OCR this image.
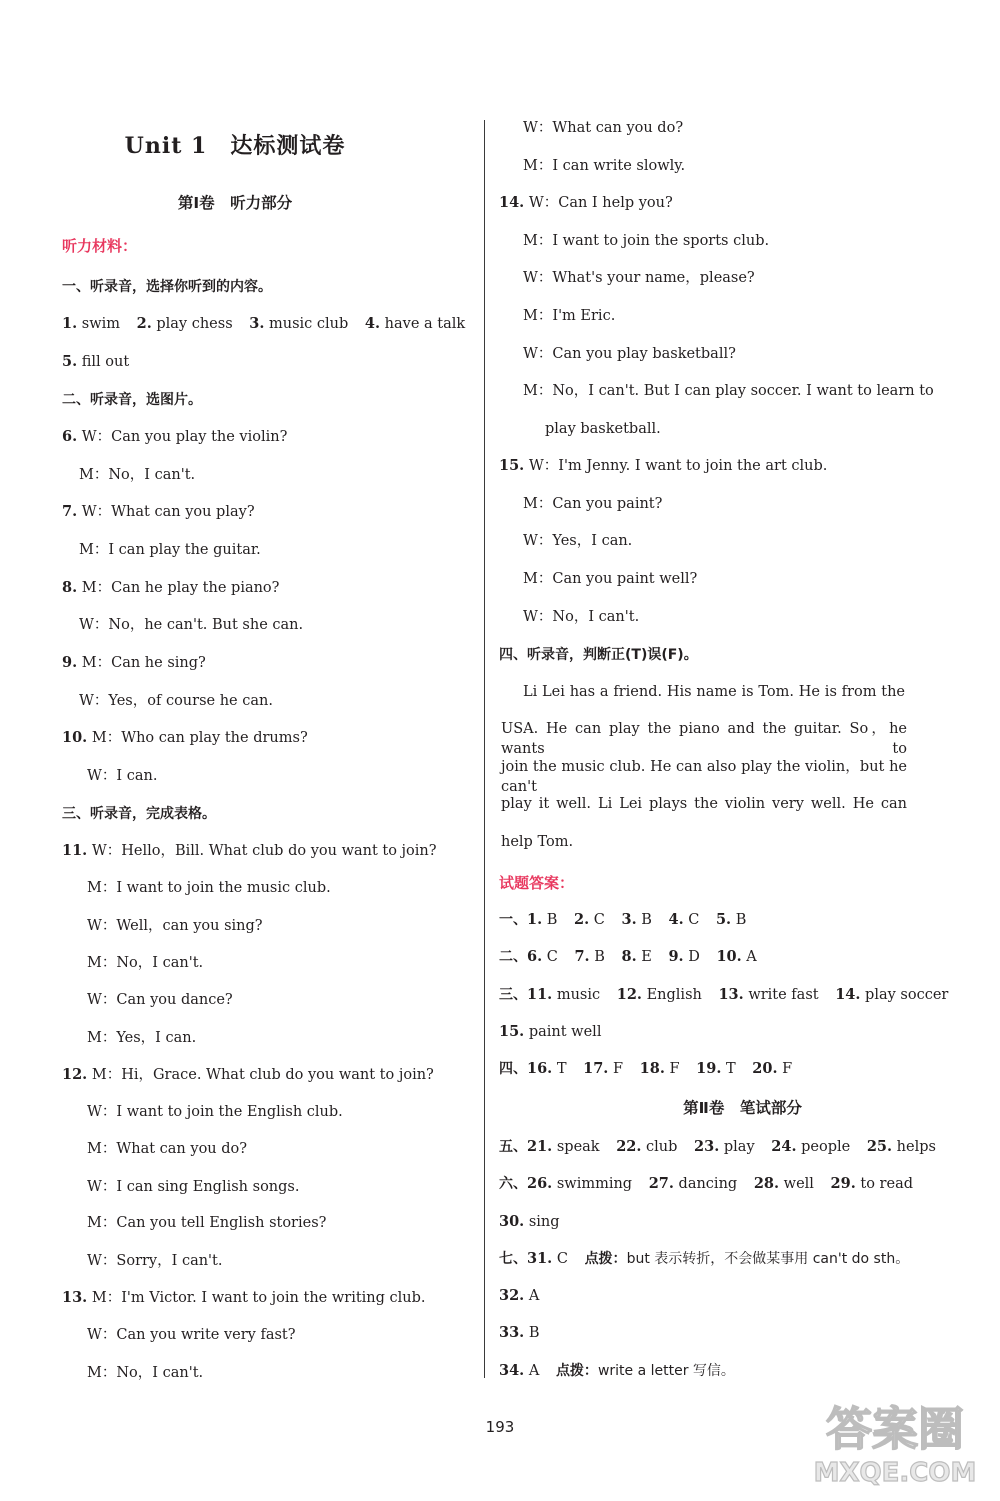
Unit 1　达标测试卷
第Ⅰ卷　听力部分
听力材料：
一、听录音，选择你听到的内容。
1. swim 2. play chess 3. music club 4. have a talk
5. fill out
二、听录音，选图片。
6. W：Can you play the violin?
M：No，I can't.
7. W：What can you play?
M：I can play the guitar.
8. M：Can he play the piano?
W：No，he can't. But she can.
9. M：Can he sing?
W：Yes，of course he can.
10. M：Who can play the drums?
W：I can.
三、听录音，完成表格。
11. W：Hello，Bill. What club do you want to join?
M：I want to join the music club.
W：Well，can you sing?
M：No，I can't.
W：Can you dance?
M：Yes，I can.
12. M：Hi，Grace. What club do you want to join?
W：I want to join the English club.
M：What can you do?
W：I can sing English songs.
M：Can you tell English stories?
W：Sorry，I can't.
13. M：I'm Victor. I want to join the writing club.
W：Can you write very fast?
M：No，I can't.
W：What can you do?
M：I can write slowly.
14. W：Can I help you?
M：I want to join the sports club.
W：What's your name，please?
M：I'm Eric.
W：Can you play basketball?
M：No，I can't. But I can play soccer. I want to learn to
play basketball.
15. W：I'm Jenny. I want to join the art club.
M：Can you paint?
W：Yes，I can.
M：Can you paint well?
W：No，I can't.
四、听录音，判断正(T)误(F)。
Li Lei has a friend. His name is Tom. He is from the
USA. He can play the piano and the guitar. So，he wants to
join the music club. He can also play the violin，but he can't
play it well. Li Lei plays the violin very well. He can
help Tom.
试题答案：
一、1. B 2. C 3. B 4. C 5. B
二、6. C 7. B 8. E 9. D 10. A
三、11. music 12. English 13. write fast 14. play soccer
15. paint well
四、16. T 17. F 18. F 19. T 20. F
第Ⅱ卷　笔试部分
五、21. speak 22. club 23. play 24. people 25. helps
六、26. swimming 27. dancing 28. well 29. to read
30. sing
七、31. C 点拨：but 表示转折，不会做某事用 can't do sth。
32. A
33. B
34. A 点拨：write a letter 写信。
193	答案圈
MXQE.COM
